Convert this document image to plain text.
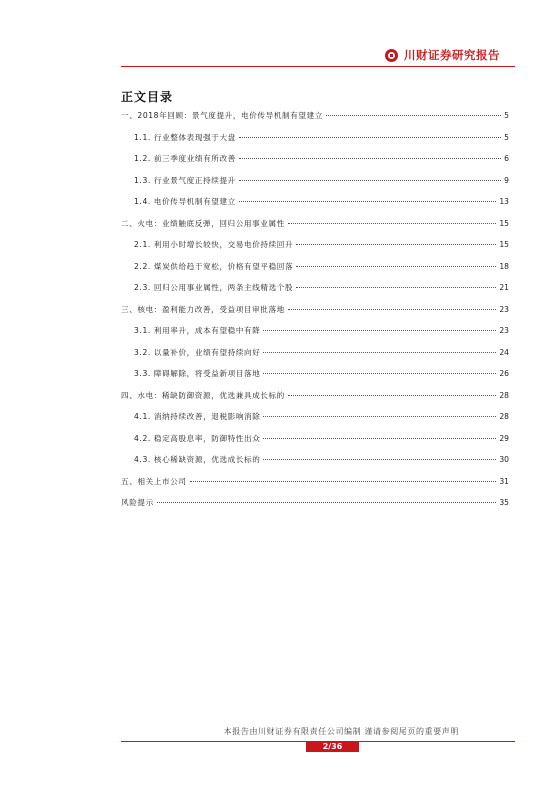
川财证券研究报告
正文目录
一、2018年回顾：景气度提升，电价传导机制有望建立	5
1.1. 行业整体表现强于大盘	5
1.2. 前三季度业绩有所改善	6
1.3. 行业景气度正持续提升	9
1.4. 电价传导机制有望建立	13
二、火电：业绩触底反弹，回归公用事业属性	15
2.1. 利用小时增长较快，交易电价持续回升	15
2.2. 煤炭供给趋于宽松，价格有望平稳回落	18
2.3. 回归公用事业属性，两条主线精选个股	21
三、核电：盈利能力改善，受益项目审批落地	23
3.1. 利用率升，成本有望稳中有降	23
3.2. 以量补价，业绩有望持续向好	24
3.3. 障碍解除，将受益新项目落地	26
四、水电：稀缺防御资源，优选兼具成长标的	28
4.1. 消纳持续改善，退税影响消除	28
4.2. 稳定高股息率，防御特性出众	29
4.3. 核心稀缺资源，优选成长标的	30
五、相关上市公司	31
风险提示	35
本报告由川财证券有限责任公司编制 谨请参阅尾页的重要声明
2/36
